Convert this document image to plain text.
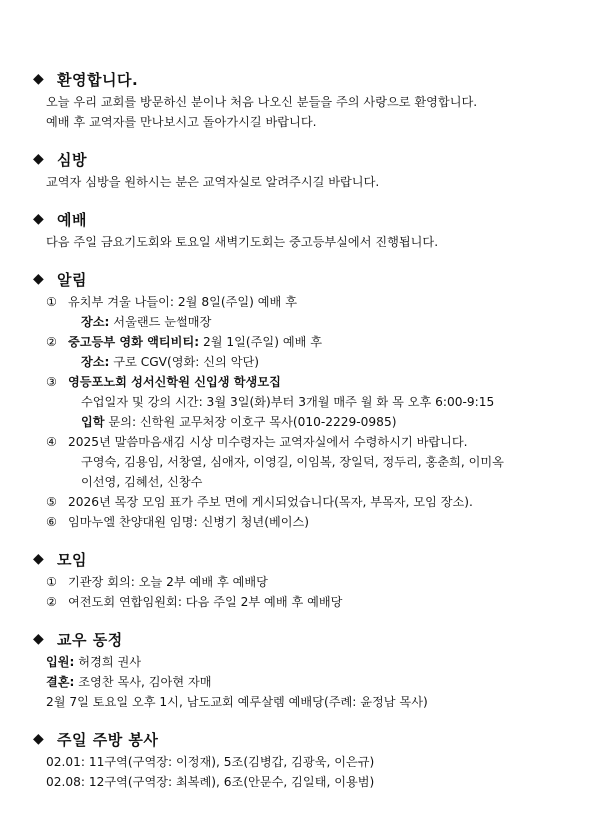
◆ 환영합니다.
오늘 우리 교회를 방문하신 분이나 처음 나오신 분들을 주의 사랑으로 환영합니다.
예배 후 교역자를 만나보시고 돌아가시길 바랍니다.
◆ 심방
교역자 심방을 원하시는 분은 교역자실로 알려주시길 바랍니다.
◆ 예배
다음 주일 금요기도회와 토요일 새벽기도회는 중고등부실에서 진행됩니다.
◆ 알림
① 유치부 겨울 나들이: 2월 8일(주일) 예배 후
장소: 서울랜드 눈썰매장
② 중고등부 영화 액티비티: 2월 1일(주일) 예배 후
장소: 구로 CGV(영화: 신의 악단)
③ 영등포노회 성서신학원 신입생 학생모집
수업일자 및 강의 시간: 3월 3일(화)부터 3개월 매주 월 화 목 오후 6:00-9:15
입학 문의: 신학원 교무처장 이호구 목사(010-2229-0985)
④ 2025년 말씀마음새김 시상 미수령자는 교역자실에서 수령하시기 바랍니다.
구영숙, 김용임, 서창열, 심애자, 이영길, 이임복, 장일덕, 정두리, 홍춘희, 이미옥
이선영, 김혜선, 신창수
⑤ 2026년 목장 모임 표가 주보 면에 게시되었습니다(목자, 부목자, 모임 장소).
⑥ 임마누엘 찬양대원 임명: 신병기 청년(베이스)
◆ 모임
① 기관장 회의: 오늘 2부 예배 후 예배당
② 여전도회 연합임원회: 다음 주일 2부 예배 후 예배당
◆ 교우 동정
입원: 허경희 권사
결혼: 조영찬 목사, 김아현 자매
2월 7일 토요일 오후 1시, 남도교회 예루살렘 예배당(주례: 윤정남 목사)
◆ 주일 주방 봉사
02.01: 11구역(구역장: 이정재), 5조(김병갑, 김광욱, 이은규)
02.08: 12구역(구역장: 최복례), 6조(안문수, 김일태, 이용범)
